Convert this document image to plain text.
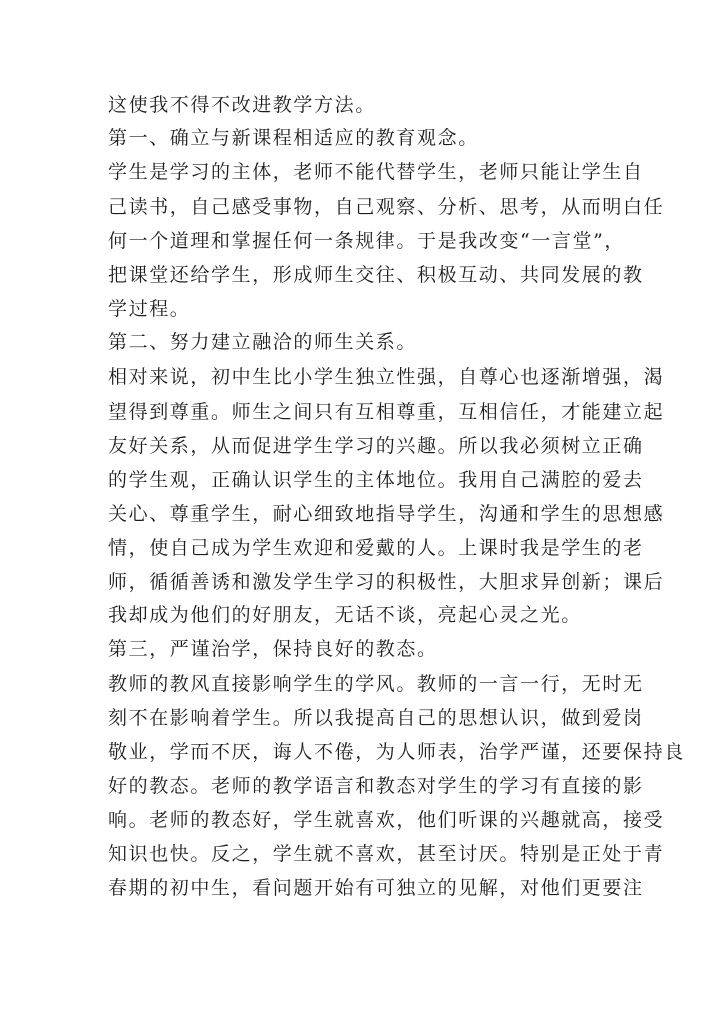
这使我不得不改进教学方法。
第一、确立与新课程相适应的教育观念。
学生是学习的主体，老师不能代替学生，老师只能让学生自
己读书，自己感受事物，自己观察、分析、思考，从而明白任
何一个道理和掌握任何一条规律。于是我改变“一言堂”，
把课堂还给学生，形成师生交往、积极互动、共同发展的教
学过程。
第二、努力建立融洽的师生关系。
相对来说，初中生比小学生独立性强，自尊心也逐渐增强，渴
望得到尊重。师生之间只有互相尊重，互相信任，才能建立起
友好关系，从而促进学生学习的兴趣。所以我必须树立正确
的学生观，正确认识学生的主体地位。我用自己满腔的爱去
关心、尊重学生，耐心细致地指导学生，沟通和学生的思想感
情，使自己成为学生欢迎和爱戴的人。上课时我是学生的老
师，循循善诱和激发学生学习的积极性，大胆求异创新；课后
我却成为他们的好朋友，无话不谈，亮起心灵之光。
第三，严谨治学，保持良好的教态。
教师的教风直接影响学生的学风。教师的一言一行，无时无
刻不在影响着学生。所以我提高自己的思想认识，做到爱岗
敬业，学而不厌，诲人不倦，为人师表，治学严谨，还要保持良
好的教态。老师的教学语言和教态对学生的学习有直接的影
响。老师的教态好，学生就喜欢，他们听课的兴趣就高，接受
知识也快。反之，学生就不喜欢，甚至讨厌。特别是正处于青
春期的初中生，看问题开始有可独立的见解，对他们更要注
